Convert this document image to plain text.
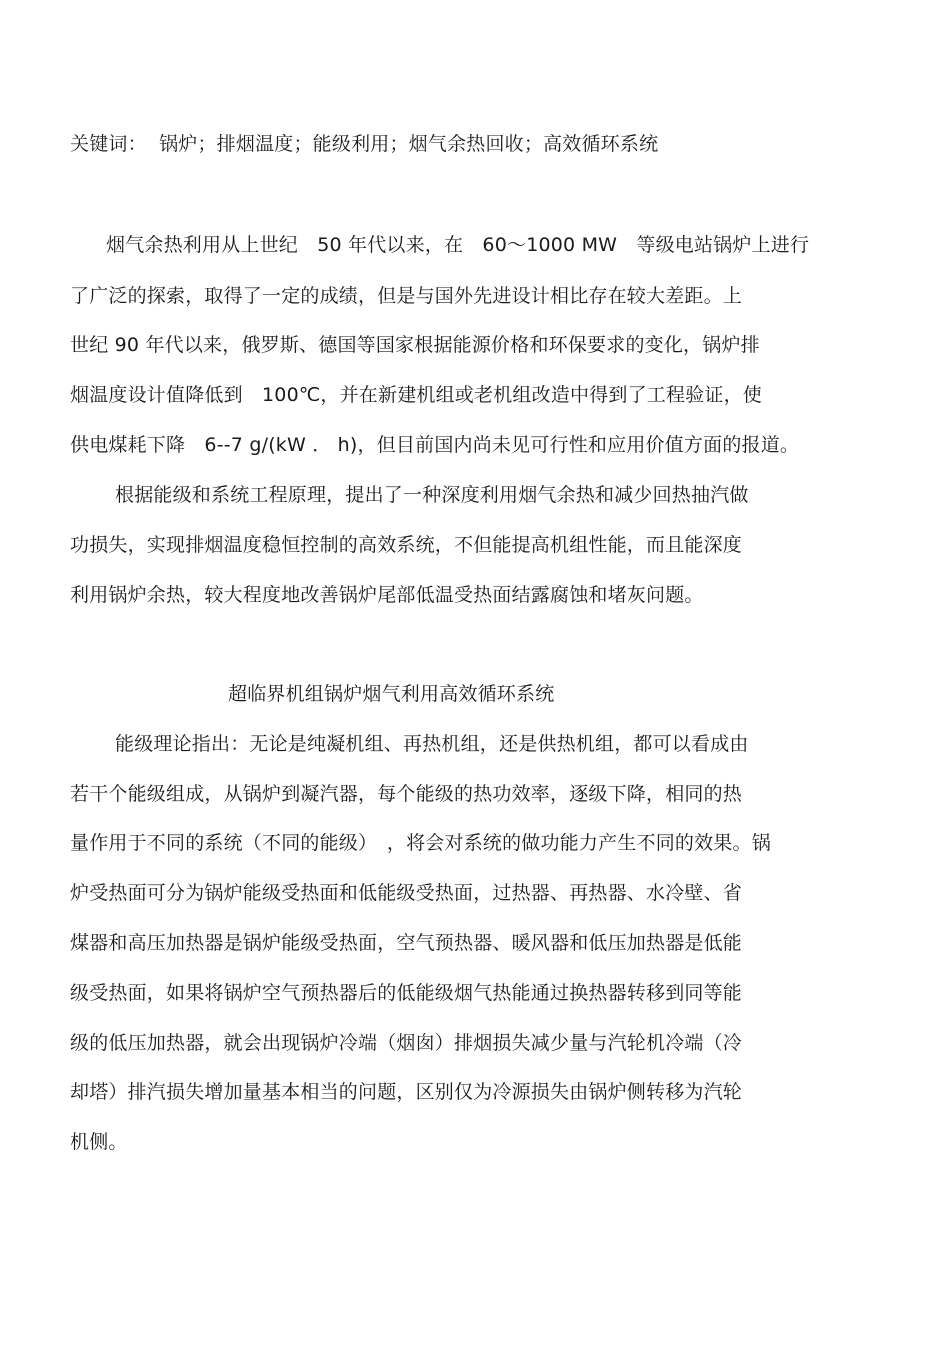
关键词： 锅炉；排烟温度；能级利用；烟气余热回收；高效循环系统
烟气余热利用从上世纪　50 年代以来，在　60～1000 MW　等级电站锅炉上进行
了广泛的探索，取得了一定的成绩，但是与国外先进设计相比存在较大差距。上
世纪 90 年代以来，俄罗斯、德国等国家根据能源价格和环保要求的变化，锅炉排
烟温度设计值降低到　100℃，并在新建机组或老机组改造中得到了工程验证，使
供电煤耗下降　6--7 g/(kW ． h)，但目前国内尚未见可行性和应用价值方面的报道。
根据能级和系统工程原理，提出了一种深度利用烟气余热和减少回热抽汽做
功损失，实现排烟温度稳恒控制的高效系统，不但能提高机组性能，而且能深度
利用锅炉余热，较大程度地改善锅炉尾部低温受热面结露腐蚀和堵灰问题。
超临界机组锅炉烟气利用高效循环系统
能级理论指出：无论是纯凝机组、再热机组，还是供热机组，都可以看成由
若干个能级组成，从锅炉到凝汽器，每个能级的热功效率，逐级下降，相同的热
量作用于不同的系统（不同的能级）　，将会对系统的做功能力产生不同的效果。锅
炉受热面可分为锅炉能级受热面和低能级受热面，过热器、再热器、水冷壁、省
煤器和高压加热器是锅炉能级受热面，空气预热器、暖风器和低压加热器是低能
级受热面，如果将锅炉空气预热器后的低能级烟气热能通过换热器转移到同等能
级的低压加热器，就会出现锅炉冷端（烟囱）排烟损失减少量与汽轮机冷端（冷
却塔）排汽损失增加量基本相当的问题，区别仅为冷源损失由锅炉侧转移为汽轮
机侧。
